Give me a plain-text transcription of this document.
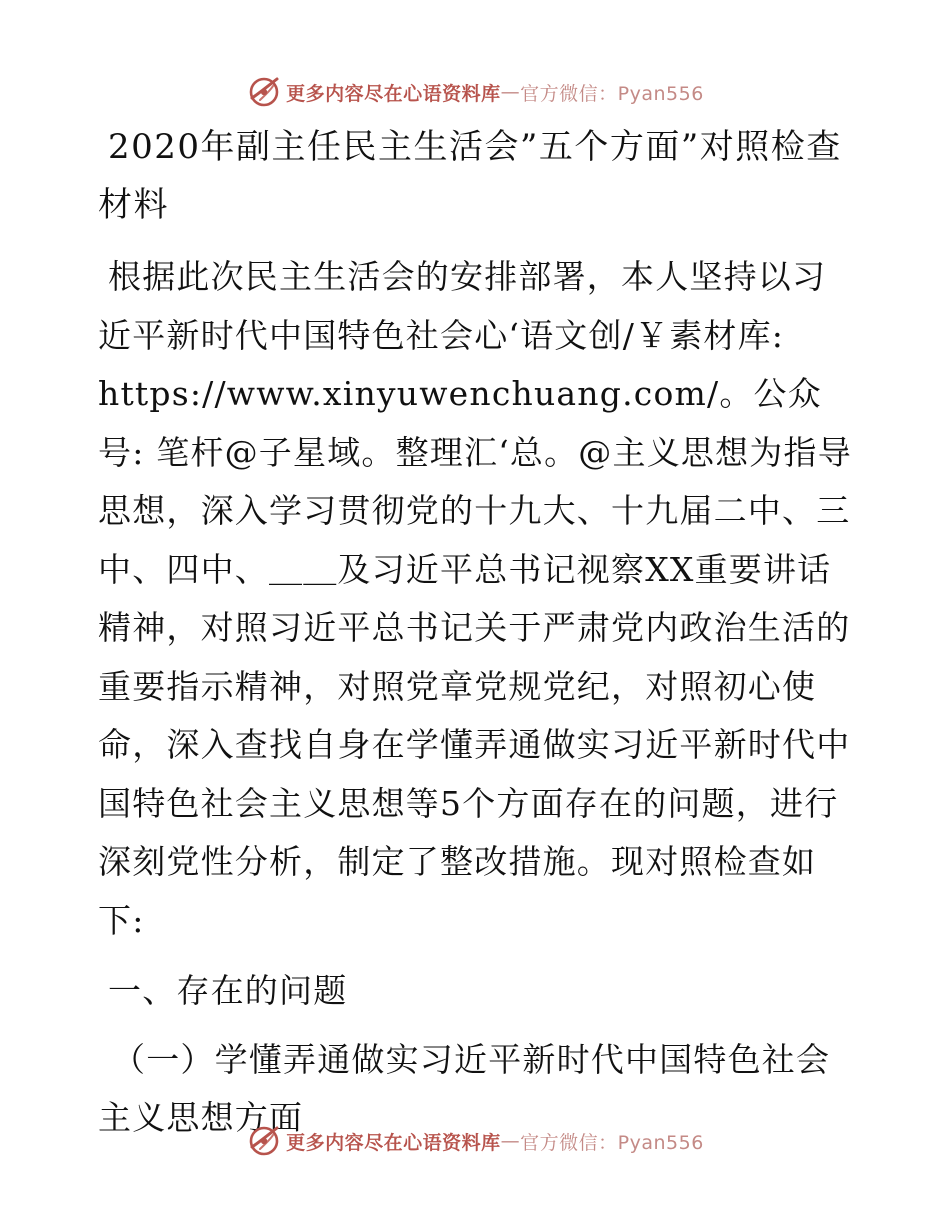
更多内容尽在心语资料库 — 官方微信：Pyan556
2020年副主任民主生活会”五个方面”对照检查材料

根据此次民主生活会的安排部署，本人坚持以习近平新时代中国特色社会心‘语文创/￥素材库: https://www.xinyuwenchuang.com/。公众号: 笔杆@子星域。整理汇‘总。@主义思想为指导思想，深入学习贯彻党的十九大、十九届二中、三中、四中、＿＿及习近平总书记视察XX重要讲话精神，对照习近平总书记关于严肃党内政治生活的重要指示精神，对照党章党规党纪，对照初心使命，深入查找自身在学懂弄通做实习近平新时代中国特色社会主义思想等5个方面存在的问题，进行深刻党性分析，制定了整改措施。现对照检查如下:

一、存在的问题

（一）学懂弄通做实习近平新时代中国特色社会主义思想方面

更多内容尽在心语资料库 — 官方微信：Pyan556
